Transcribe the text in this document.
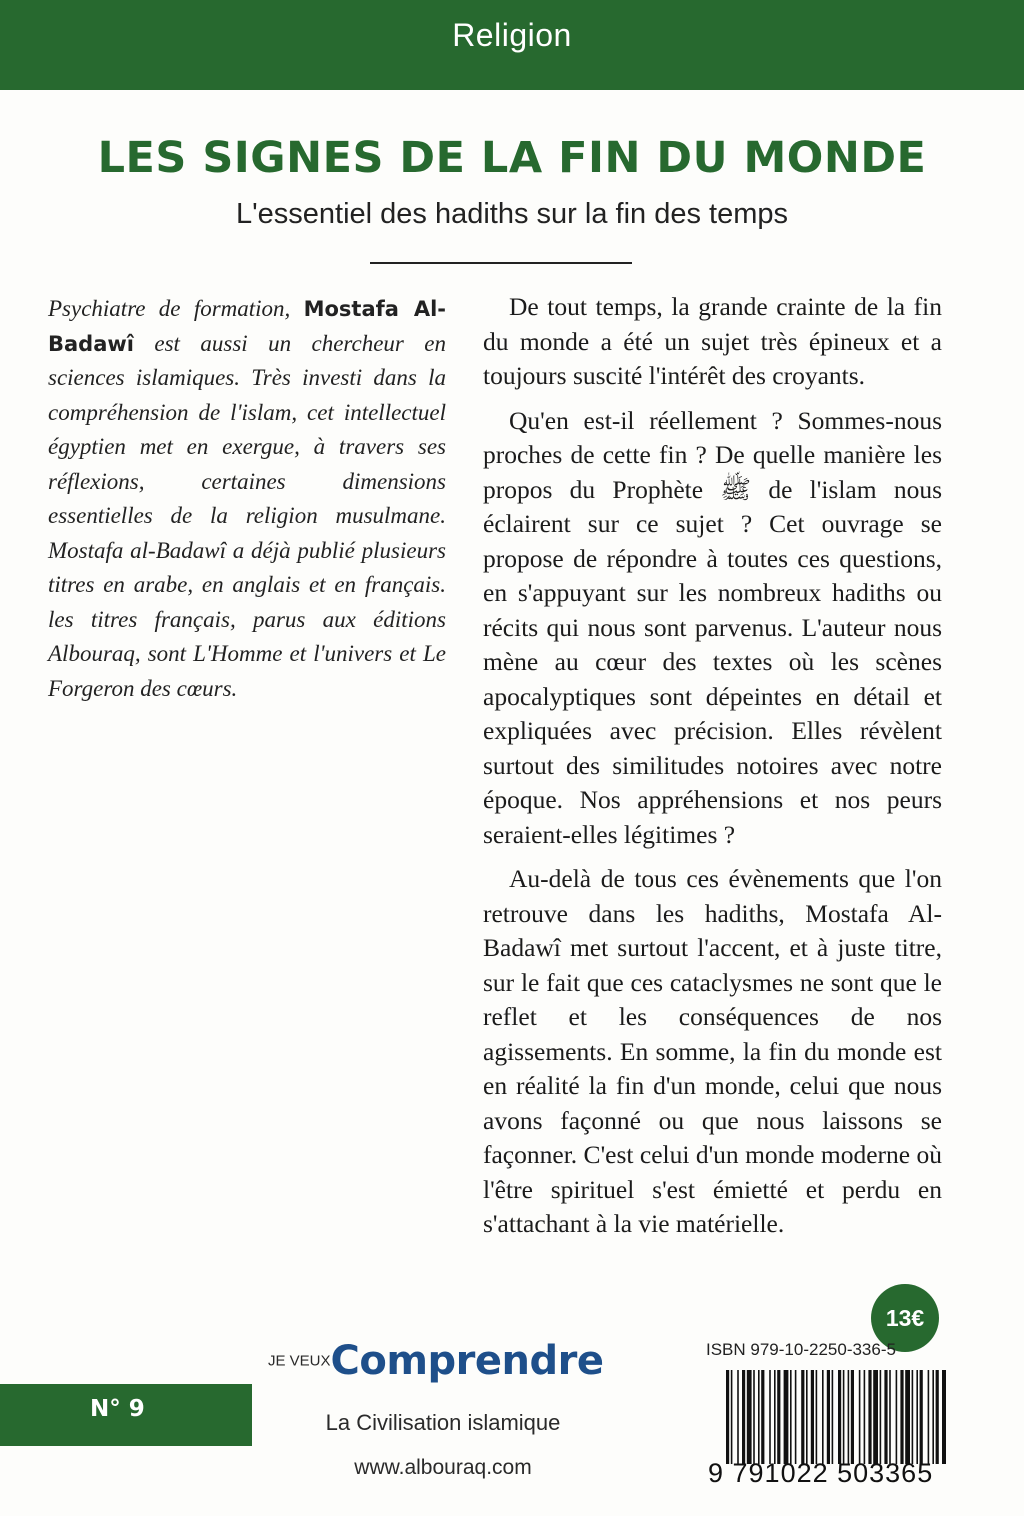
Religion
LES SIGNES DE LA FIN DU MONDE
L'essentiel des hadiths sur la fin des temps

Psychiatre de formation, Mostafa Al-Badawî est aussi un chercheur en sciences islamiques. Très investi dans la compréhension de l'islam, cet intellectuel égyptien met en exergue, à travers ses réflexions, certaines dimensions essentielles de la religion musulmane. Mostafa al-Badawî a déjà publié plusieurs titres en arabe, en anglais et en français. les titres français, parus aux éditions Albouraq, sont L'Homme et l'univers et Le Forgeron des cœurs.

De tout temps, la grande crainte de la fin du monde a été un sujet très épineux et a toujours suscité l'intérêt des croyants.

Qu'en est-il réellement ? Sommes-nous proches de cette fin ? De quelle manière les propos du Prophète ﷺ de l'islam nous éclairent sur ce sujet ? Cet ouvrage se propose de répondre à toutes ces questions, en s'appuyant sur les nombreux hadiths ou récits qui nous sont parvenus. L'auteur nous mène au cœur des textes où les scènes apocalyptiques sont dépeintes en détail et expliquées avec précision. Elles révèlent surtout des similitudes notoires avec notre époque. Nos appréhensions et nos peurs seraient-elles légitimes ?

Au-delà de tous ces évènements que l'on retrouve dans les hadiths, Mostafa Al-Badawî met surtout l'accent, et à juste titre, sur le fait que ces cataclysmes ne sont que le reflet et les conséquences de nos agissements. En somme, la fin du monde est en réalité la fin d'un monde, celui que nous avons façonné ou que nous laissons se façonner. C'est celui d'un monde moderne où l'être spirituel s'est émietté et perdu en s'attachant à la vie matérielle.

13€
JE VEUXComprendre
N° 9

La Civilisation islamique

www.albouraq.com

ISBN 979-10-2250-336-5

9 791022 503365
